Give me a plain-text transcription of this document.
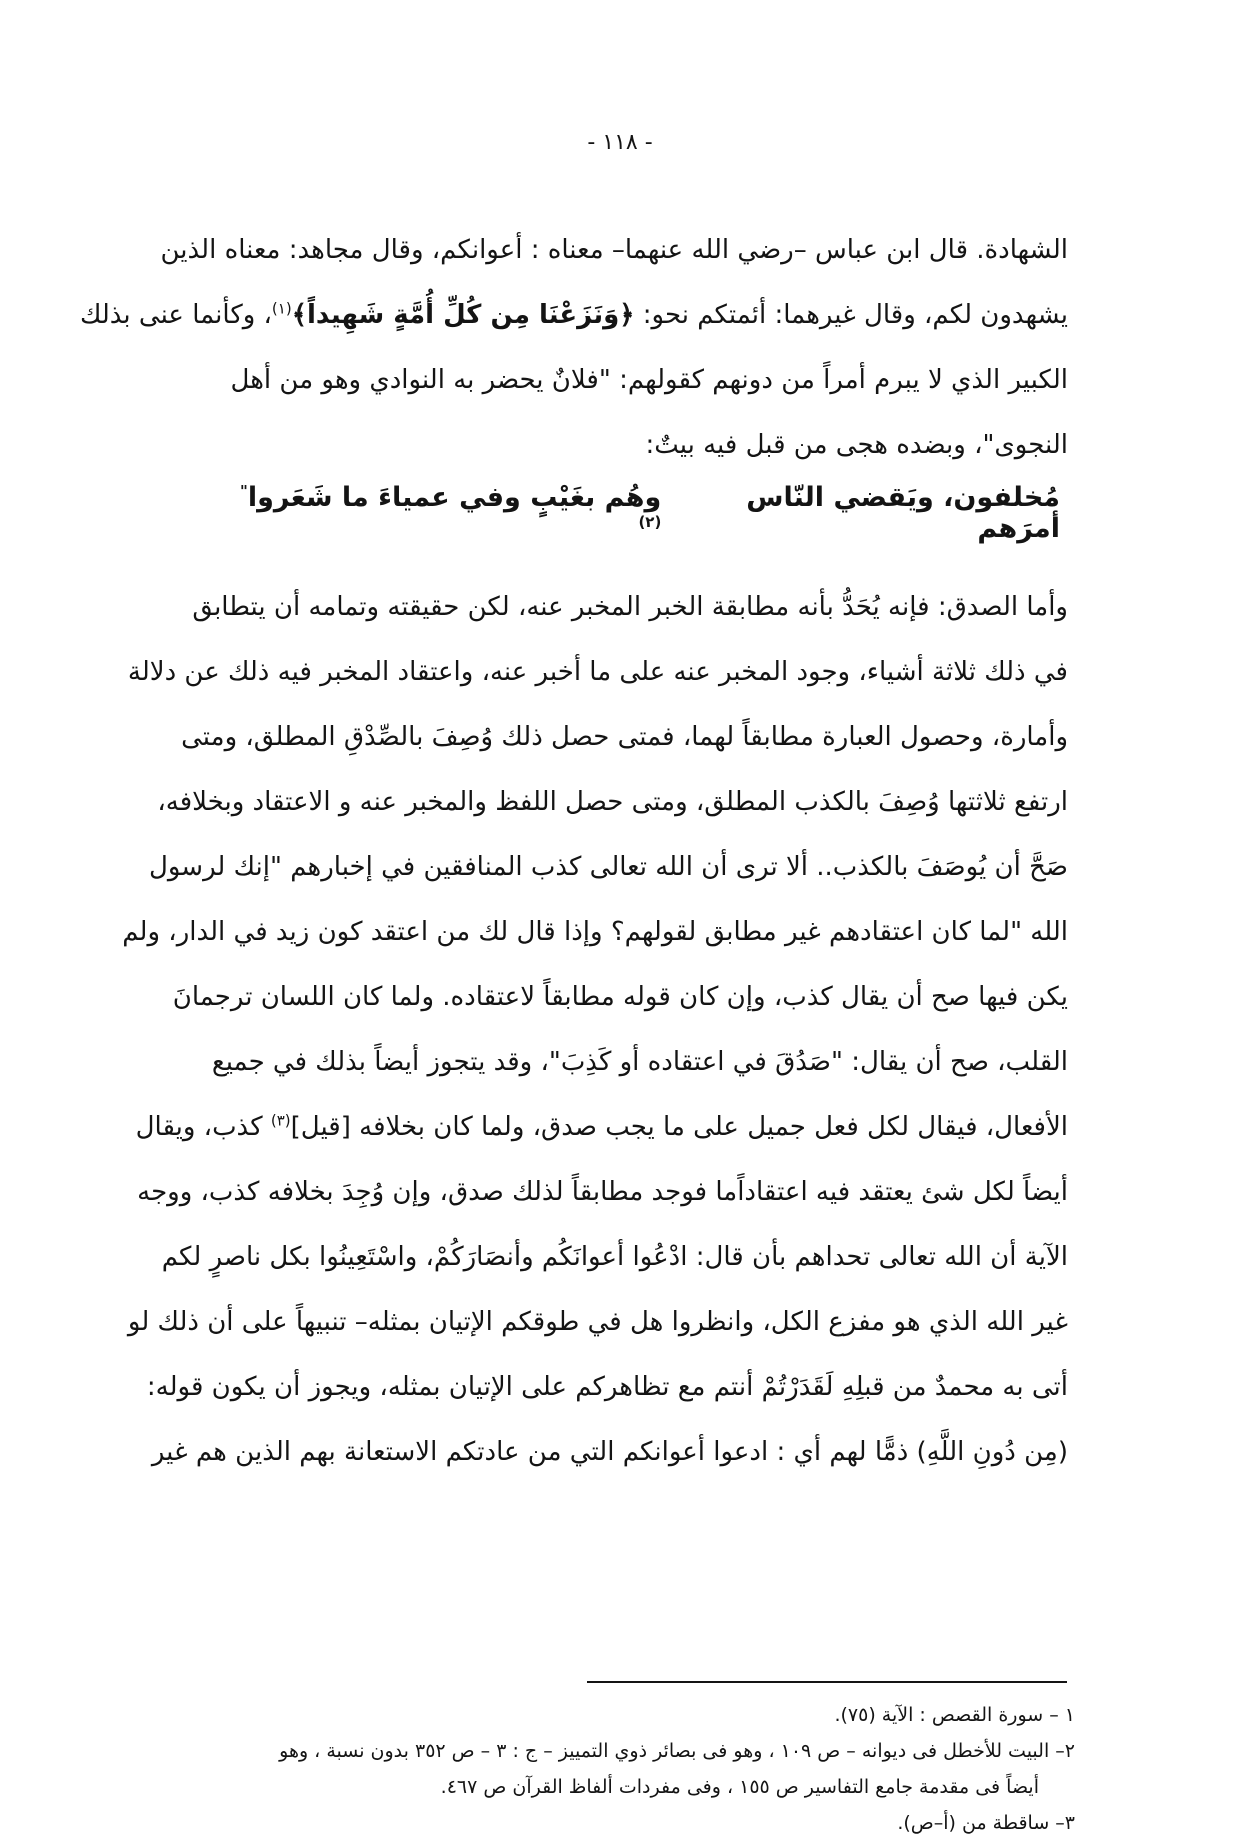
- ١١٨ -
الشهادة. قال ابن عباس –رضي الله عنهما– معناه : أعوانكم، وقال مجاهد: معناه الذين
يشهدون لكم، وقال غيرهما: أئمتكم نحو: ﴿وَنَزَعْنَا مِن كُلِّ أُمَّةٍ شَهِيداً﴾$^{(١)}$، وكأنما عنى بذلك
الكبير الذي لا يبرم أمراً من دونهم كقولهم: "فلانٌ يحضر به النوادي وهو من أهل
النجوى"، وبضده هجى من قبل فيه بيتٌ:
مُخلفون، ويَقضي النّاس أمرَهم
وهُم بغَيْبٍ وفي عمياءَ ما شَعَروا$^{"(٢)}$
وأما الصدق: فإنه يُحَدُّ بأنه مطابقة الخبر المخبر عنه، لكن حقيقته وتمامه أن يتطابق
في ذلك ثلاثة أشياء، وجود المخبر عنه على ما أخبر عنه، واعتقاد المخبر فيه ذلك عن دلالة
وأمارة، وحصول العبارة مطابقاً لهما، فمتى حصل ذلك وُصِفَ بالصِّدْقِ المطلق، ومتى
ارتفع ثلاثتها وُصِفَ بالكذب المطلق، ومتى حصل اللفظ والمخبر عنه و الاعتقاد وبخلافه،
صَحَّ أن يُوصَفَ بالكذب.. ألا ترى أن الله تعالى كذب المنافقين في إخبارهم "إنك لرسول
الله "لما كان اعتقادهم غير مطابق لقولهم؟ وإذا قال لك من اعتقد كون زيد في الدار، ولم
يكن فيها صح أن يقال كذب، وإن كان قوله مطابقاً لاعتقاده. ولما كان اللسان ترجمانَ
القلب، صح أن يقال: "صَدُقَ في اعتقاده أو كَذِبَ"، وقد يتجوز أيضاً بذلك في جميع
الأفعال، فيقال لكل فعل جميل على ما يجب صدق، ولما كان بخلافه [قيل]$^{(٣)}$ كذب، ويقال
أيضاً لكل شئ يعتقد فيه اعتقاداًما فوجد مطابقاً لذلك صدق، وإن وُجِدَ بخلافه كذب، ووجه
الآية أن الله تعالى تحداهم بأن قال: ادْعُوا أعوانَكُم وأنصَارَكُمْ، واسْتَعِينُوا بكل ناصرٍ لكم
غير الله الذي هو مفزع الكل، وانظروا هل في طوقكم الإتيان بمثله– تنبيهاً على أن ذلك لو
أتى به محمدٌ من قبلِهِ لَقَدَرْتُمْ أنتم مع تظاهركم على الإتيان بمثله، ويجوز أن يكون قوله:
(مِن دُونِ اللَّهِ) ذمًّا لهم أي : ادعوا أعوانكم التي من عادتكم الاستعانة بهم الذين هم غير
١ – سورة القصص : الآية (٧٥).
٢– البيت للأخطل فى ديوانه – ص ١٠٩ ، وهو فى بصائر ذوي التمييز – ج : ٣ – ص ٣٥٢ بدون نسبة ، وهو
أيضاً فى مقدمة جامع التفاسير ص ١٥٥ ، وفى مفردات ألفاظ القرآن ص ٤٦٧.
٣– ساقطة من (أ–ص).
